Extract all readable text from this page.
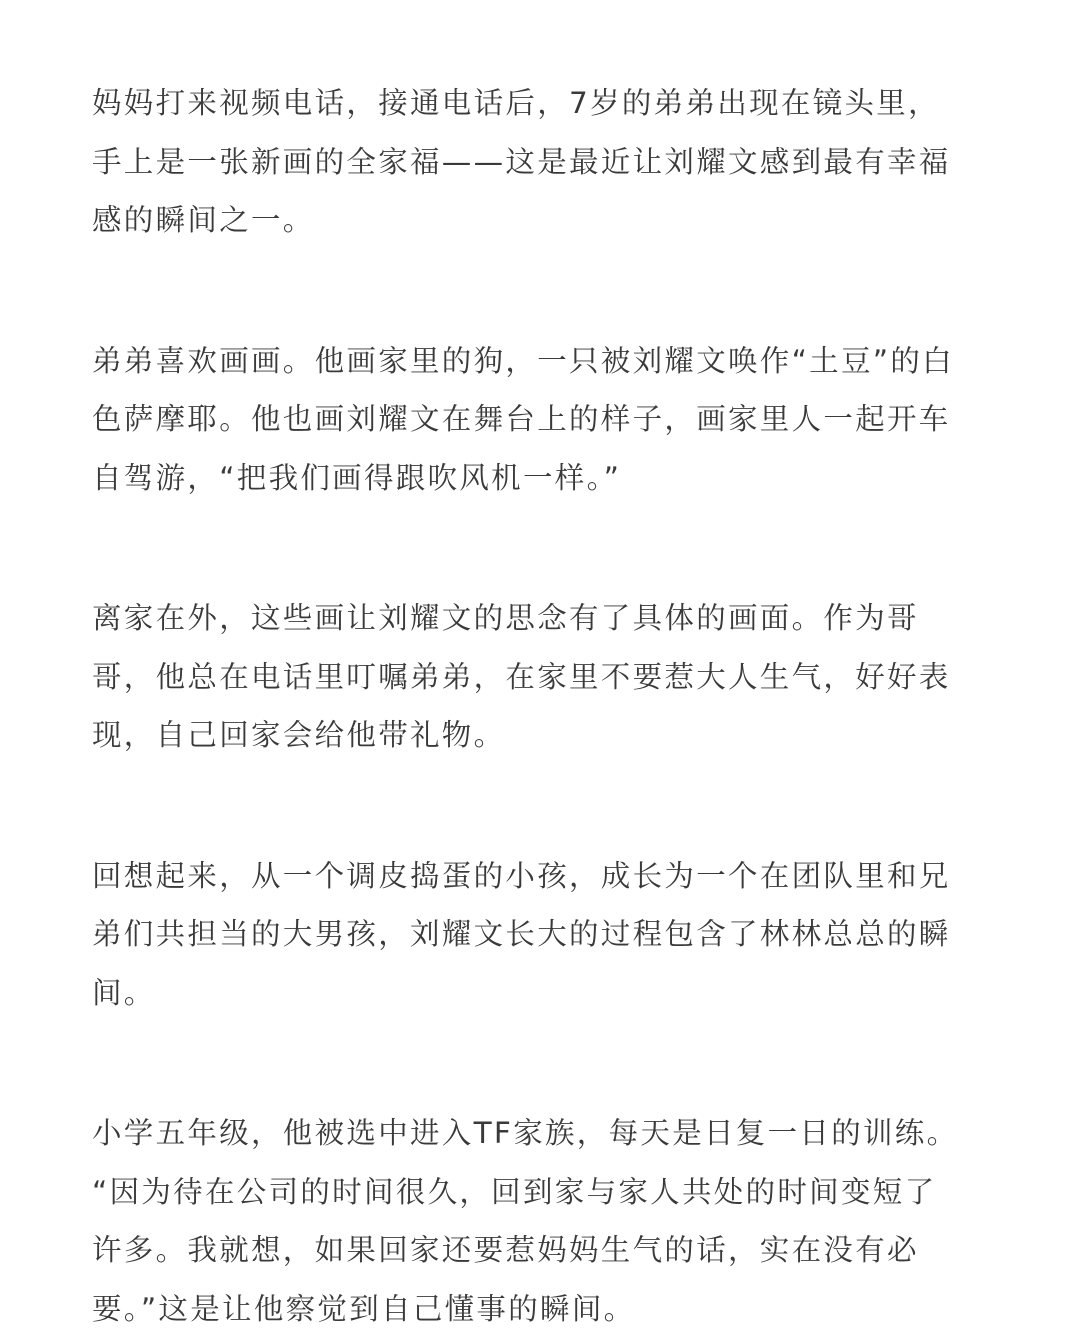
妈妈打来视频电话，接通电话后，7岁的弟弟出现在镜头里，
手上是一张新画的全家福——这是最近让刘耀文感到最有幸福
感的瞬间之一。

弟弟喜欢画画。他画家里的狗，一只被刘耀文唤作“土豆”的白
色萨摩耶。他也画刘耀文在舞台上的样子，画家里人一起开车
自驾游，“把我们画得跟吹风机一样。”

离家在外，这些画让刘耀文的思念有了具体的画面。作为哥
哥，他总在电话里叮嘱弟弟，在家里不要惹大人生气，好好表
现，自己回家会给他带礼物。

回想起来，从一个调皮捣蛋的小孩，成长为一个在团队里和兄
弟们共担当的大男孩，刘耀文长大的过程包含了林林总总的瞬
间。

小学五年级，他被选中进入TF家族，每天是日复一日的训练。
“因为待在公司的时间很久，回到家与家人共处的时间变短了
许多。我就想，如果回家还要惹妈妈生气的话，实在没有必
要。”这是让他察觉到自己懂事的瞬间。
